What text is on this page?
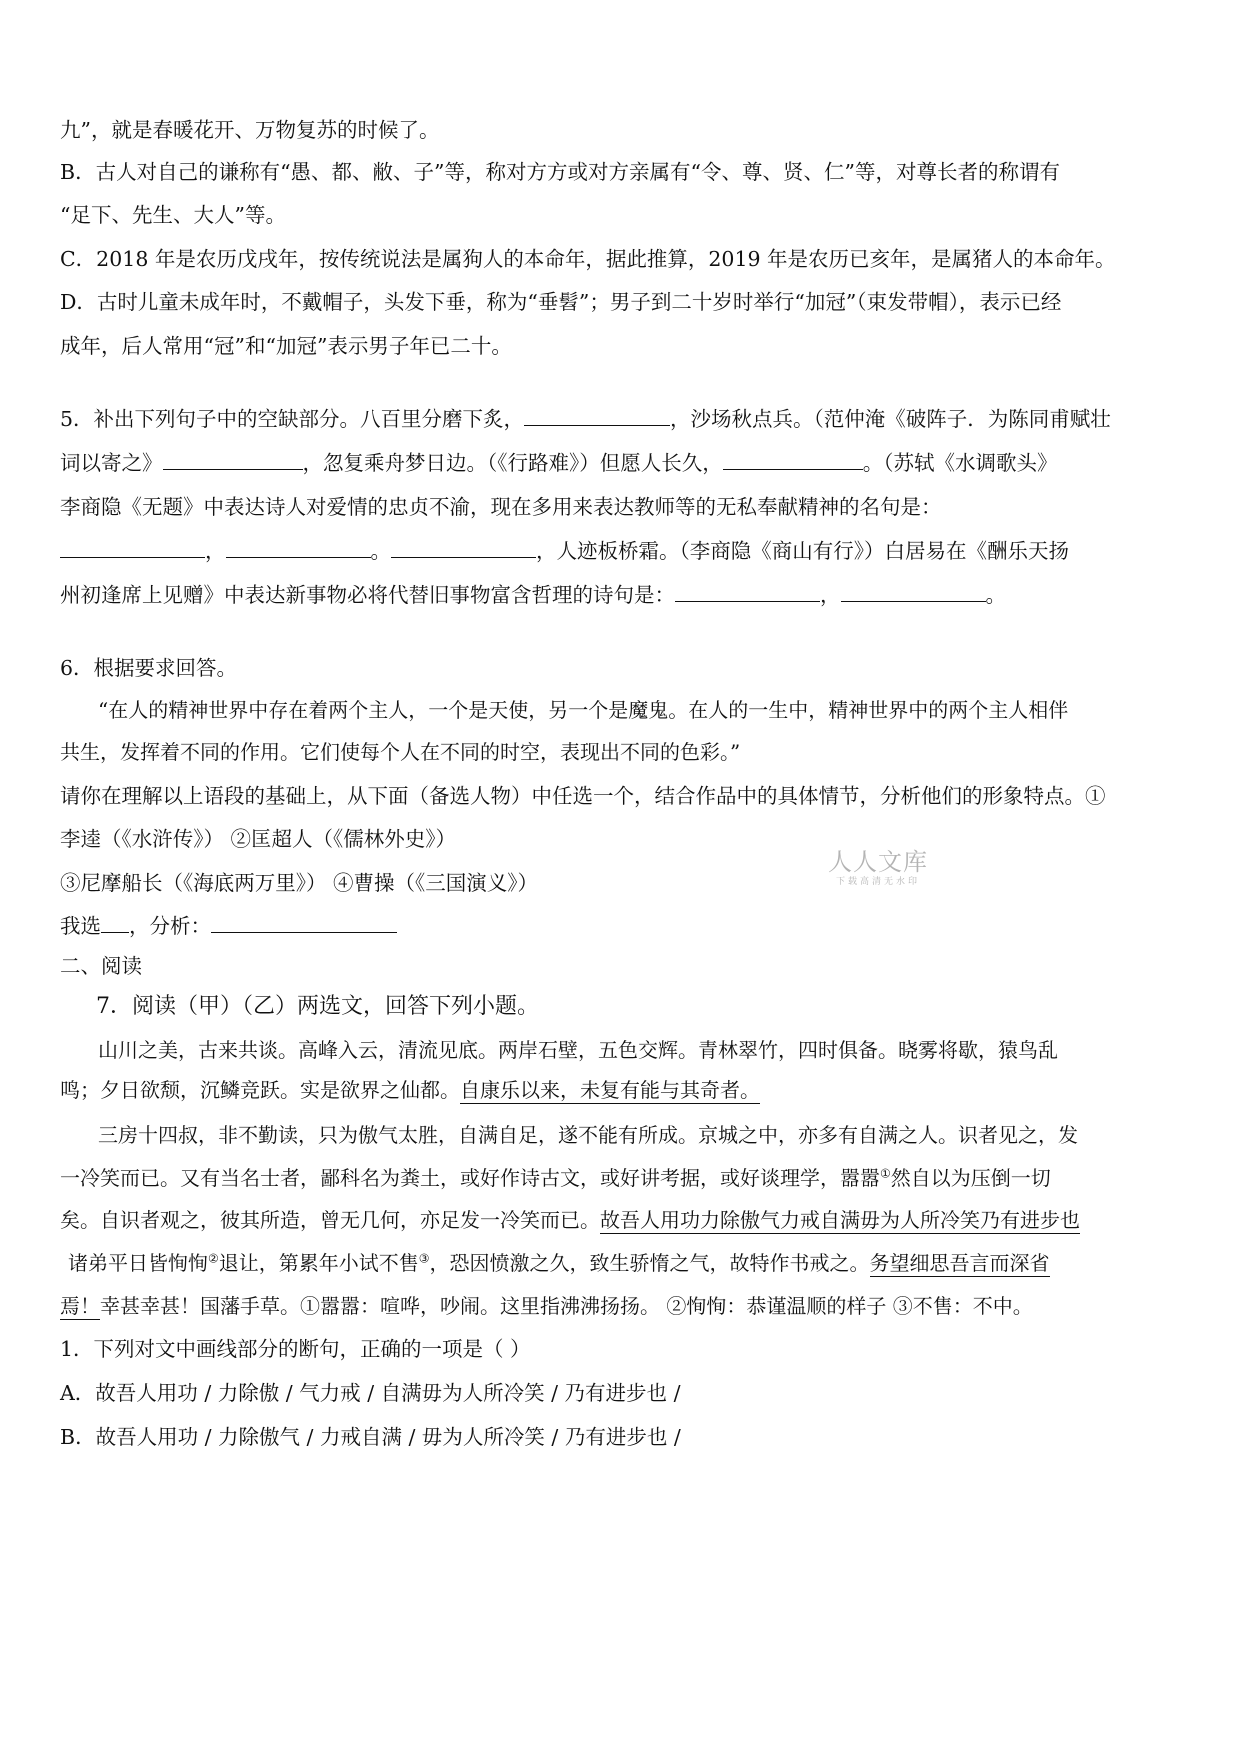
九”，就是春暖花开、万物复苏的时候了。
B．古人对自己的谦称有“愚、都、敝、子”等，称对方方或对方亲属有“令、尊、贤、仁”等，对尊长者的称谓有
“足下、先生、大人”等。
C．2018 年是农历戊戌年，按传统说法是属狗人的本命年，据此推算，2019 年是农历已亥年，是属猪人的本命年。
D．古时儿童未成年时，不戴帽子，头发下垂，称为“垂髫”；男子到二十岁时举行“加冠”（束发带帽），表示已经
成年，后人常用“冠”和“加冠”表示男子年已二十。
5．补出下列句子中的空缺部分。八百里分磨下炙，	，沙场秋点兵。（范仲淹《破阵子．为陈同甫赋壮
词以寄之》	，忽复乘舟梦日边。（《行路难》）但愿人长久，	。（苏轼《水调歌头》
李商隐《无题》中表达诗人对爱情的忠贞不渝，现在多用来表达教师等的无私奉献精神的名句是：
，	。	，人迹板桥霜。（李商隐《商山有行》）白居易在《酬乐天扬
州初逢席上见赠》中表达新事物必将代替旧事物富含哲理的诗句是：	，	。
6．根据要求回答。
“在人的精神世界中存在着两个主人，一个是天使，另一个是魔鬼。在人的一生中，精神世界中的两个主人相伴
共生，发挥着不同的作用。它们使每个人在不同的时空，表现出不同的色彩。”
请你在理解以上语段的基础上，从下面（备选人物）中任选一个，结合作品中的具体情节，分析他们的形象特点。①
李逵（《水浒传》） ②匡超人（《儒林外史》）
③尼摩船长（《海底两万里》） ④曹操（《三国演义》）
我选 ，分析：
二、阅读
7．阅读（甲）（乙）两选文，回答下列小题。
山川之美，古来共谈。高峰入云，清流见底。两岸石壁，五色交辉。青林翠竹，四时俱备。晓雾将歇，猿鸟乱
鸣；夕日欲颓，沉鳞竞跃。实是欲界之仙都。自康乐以来，未复有能与其奇者。
三房十四叔，非不勤读，只为傲气太胜，自满自足，遂不能有所成。京城之中，亦多有自满之人。识者见之，发
一冷笑而已。又有当名士者，鄙科名为粪土，或好作诗古文，或好讲考据，或好谈理学，嚣嚣①然自以为压倒一切
矣。自识者观之，彼其所造，曾无几何，亦足发一冷笑而已。故吾人用功力除傲气力戒自满毋为人所冷笑乃有进步也
诸弟平日皆恂恂②退让，第累年小试不售③，恐因愤激之久，致生骄惰之气，故特作书戒之。务望细思吾言而深省
焉！幸甚幸甚！国藩手草。①嚣嚣：喧哗，吵闹。这里指沸沸扬扬。 ②恂恂：恭谨温顺的样子 ③不售：不中。
1．下列对文中画线部分的断句，正确的一项是（ ）
A．故吾人用功 / 力除傲 / 气力戒 / 自满毋为人所冷笑 / 乃有进步也 /
B．故吾人用功 / 力除傲气 / 力戒自满 / 毋为人所冷笑 / 乃有进步也 /
人人文库
下载高清无水印
